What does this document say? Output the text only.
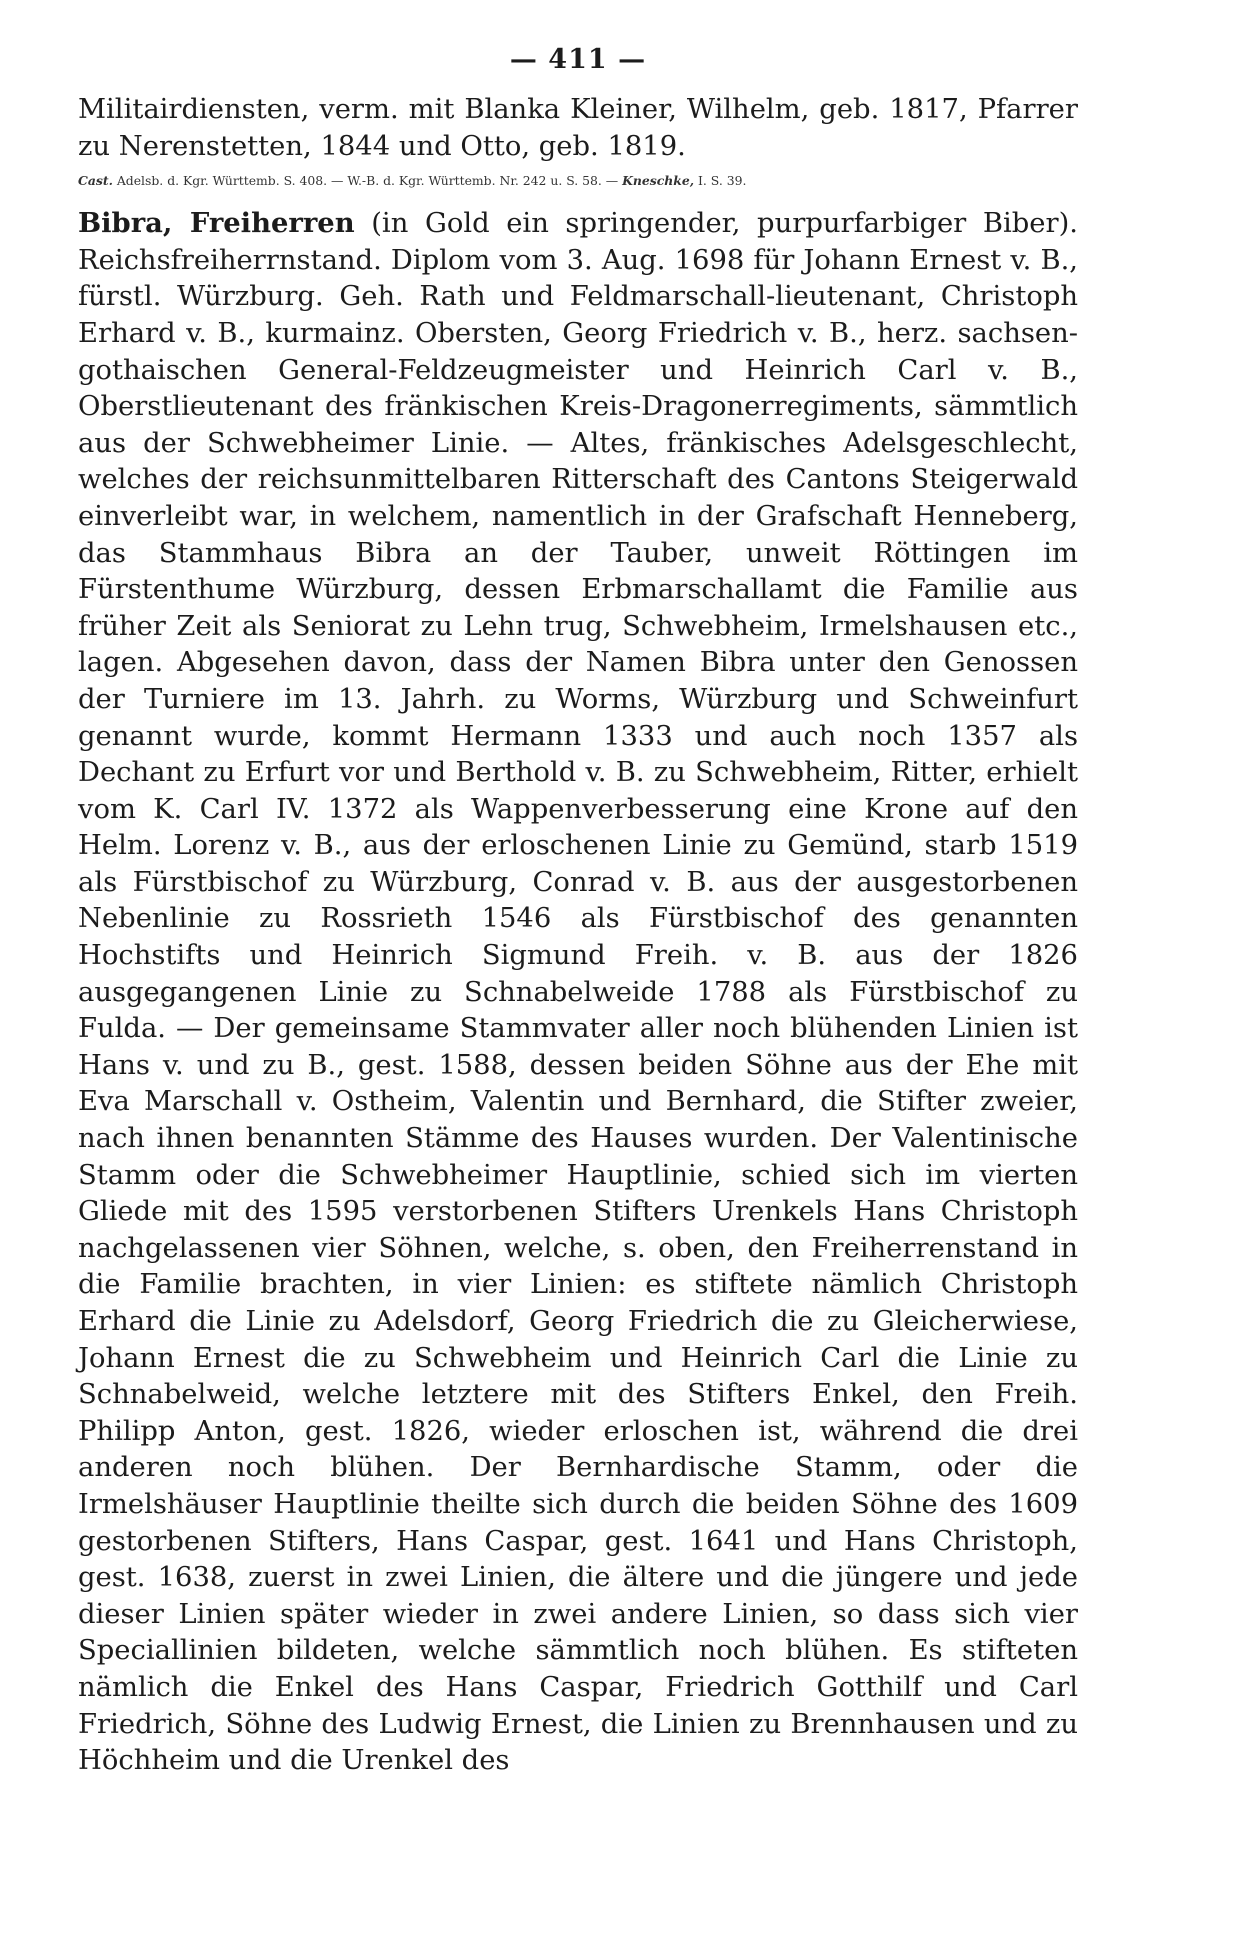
— 411 —

Militairdiensten, verm. mit Blanka Kleiner, Wilhelm, geb. 1817, Pfarrer zu Nerenstetten, 1844 und Otto, geb. 1819.

Cast. Adelsb. d. Kgr. Württemb. S. 408. — W.-B. d. Kgr. Württemb. Nr. 242 u. S. 58. — Kneschke, I. S. 39.

Bibra, Freiherren (in Gold ein springender, purpurfarbiger Biber). Reichsfreiherrnstand. Diplom vom 3. Aug. 1698 für Johann Ernest v. B., fürstl. Würzburg. Geh. Rath und Feldmarschall-lieutenant, Christoph Erhard v. B., kurmainz. Obersten, Georg Friedrich v. B., herz. sachsen-gothaischen General-Feldzeugmeister und Heinrich Carl v. B., Oberstlieutenant des fränkischen Kreis-Dragonerregiments, sämmtlich aus der Schwebheimer Linie. — Altes, fränkisches Adelsgeschlecht, welches der reichsunmittelbaren Ritterschaft des Cantons Steigerwald einverleibt war, in welchem, namentlich in der Grafschaft Henneberg, das Stammhaus Bibra an der Tauber, unweit Röttingen im Fürstenthume Würzburg, dessen Erbmarschallamt die Familie aus früher Zeit als Seniorat zu Lehn trug, Schwebheim, Irmelshausen etc., lagen. Abgesehen davon, dass der Namen Bibra unter den Genossen der Turniere im 13. Jahrh. zu Worms, Würzburg und Schweinfurt genannt wurde, kommt Hermann 1333 und auch noch 1357 als Dechant zu Erfurt vor und Berthold v. B. zu Schwebheim, Ritter, erhielt vom K. Carl IV. 1372 als Wappenverbesserung eine Krone auf den Helm. Lorenz v. B., aus der erloschenen Linie zu Gemünd, starb 1519 als Fürstbischof zu Würzburg, Conrad v. B. aus der ausgestorbenen Nebenlinie zu Rossrieth 1546 als Fürstbischof des genannten Hochstifts und Heinrich Sigmund Freih. v. B. aus der 1826 ausgegangenen Linie zu Schnabelweide 1788 als Fürstbischof zu Fulda. — Der gemeinsame Stammvater aller noch blühenden Linien ist Hans v. und zu B., gest. 1588, dessen beiden Söhne aus der Ehe mit Eva Marschall v. Ostheim, Valentin und Bernhard, die Stifter zweier, nach ihnen benannten Stämme des Hauses wurden. Der Valentinische Stamm oder die Schwebheimer Hauptlinie, schied sich im vierten Gliede mit des 1595 verstorbenen Stifters Urenkels Hans Christoph nachgelassenen vier Söhnen, welche, s. oben, den Freiherrenstand in die Familie brachten, in vier Linien: es stiftete nämlich Christoph Erhard die Linie zu Adelsdorf, Georg Friedrich die zu Gleicherwiese, Johann Ernest die zu Schwebheim und Heinrich Carl die Linie zu Schnabelweid, welche letztere mit des Stifters Enkel, den Freih. Philipp Anton, gest. 1826, wieder erloschen ist, während die drei anderen noch blühen. Der Bernhardische Stamm, oder die Irmelshäuser Hauptlinie theilte sich durch die beiden Söhne des 1609 gestorbenen Stifters, Hans Caspar, gest. 1641 und Hans Christoph, gest. 1638, zuerst in zwei Linien, die ältere und die jüngere und jede dieser Linien später wieder in zwei andere Linien, so dass sich vier Speciallinien bildeten, welche sämmtlich noch blühen. Es stifteten nämlich die Enkel des Hans Caspar, Friedrich Gotthilf und Carl Friedrich, Söhne des Ludwig Ernest, die Linien zu Brennhausen und zu Höchheim und die Urenkel des
